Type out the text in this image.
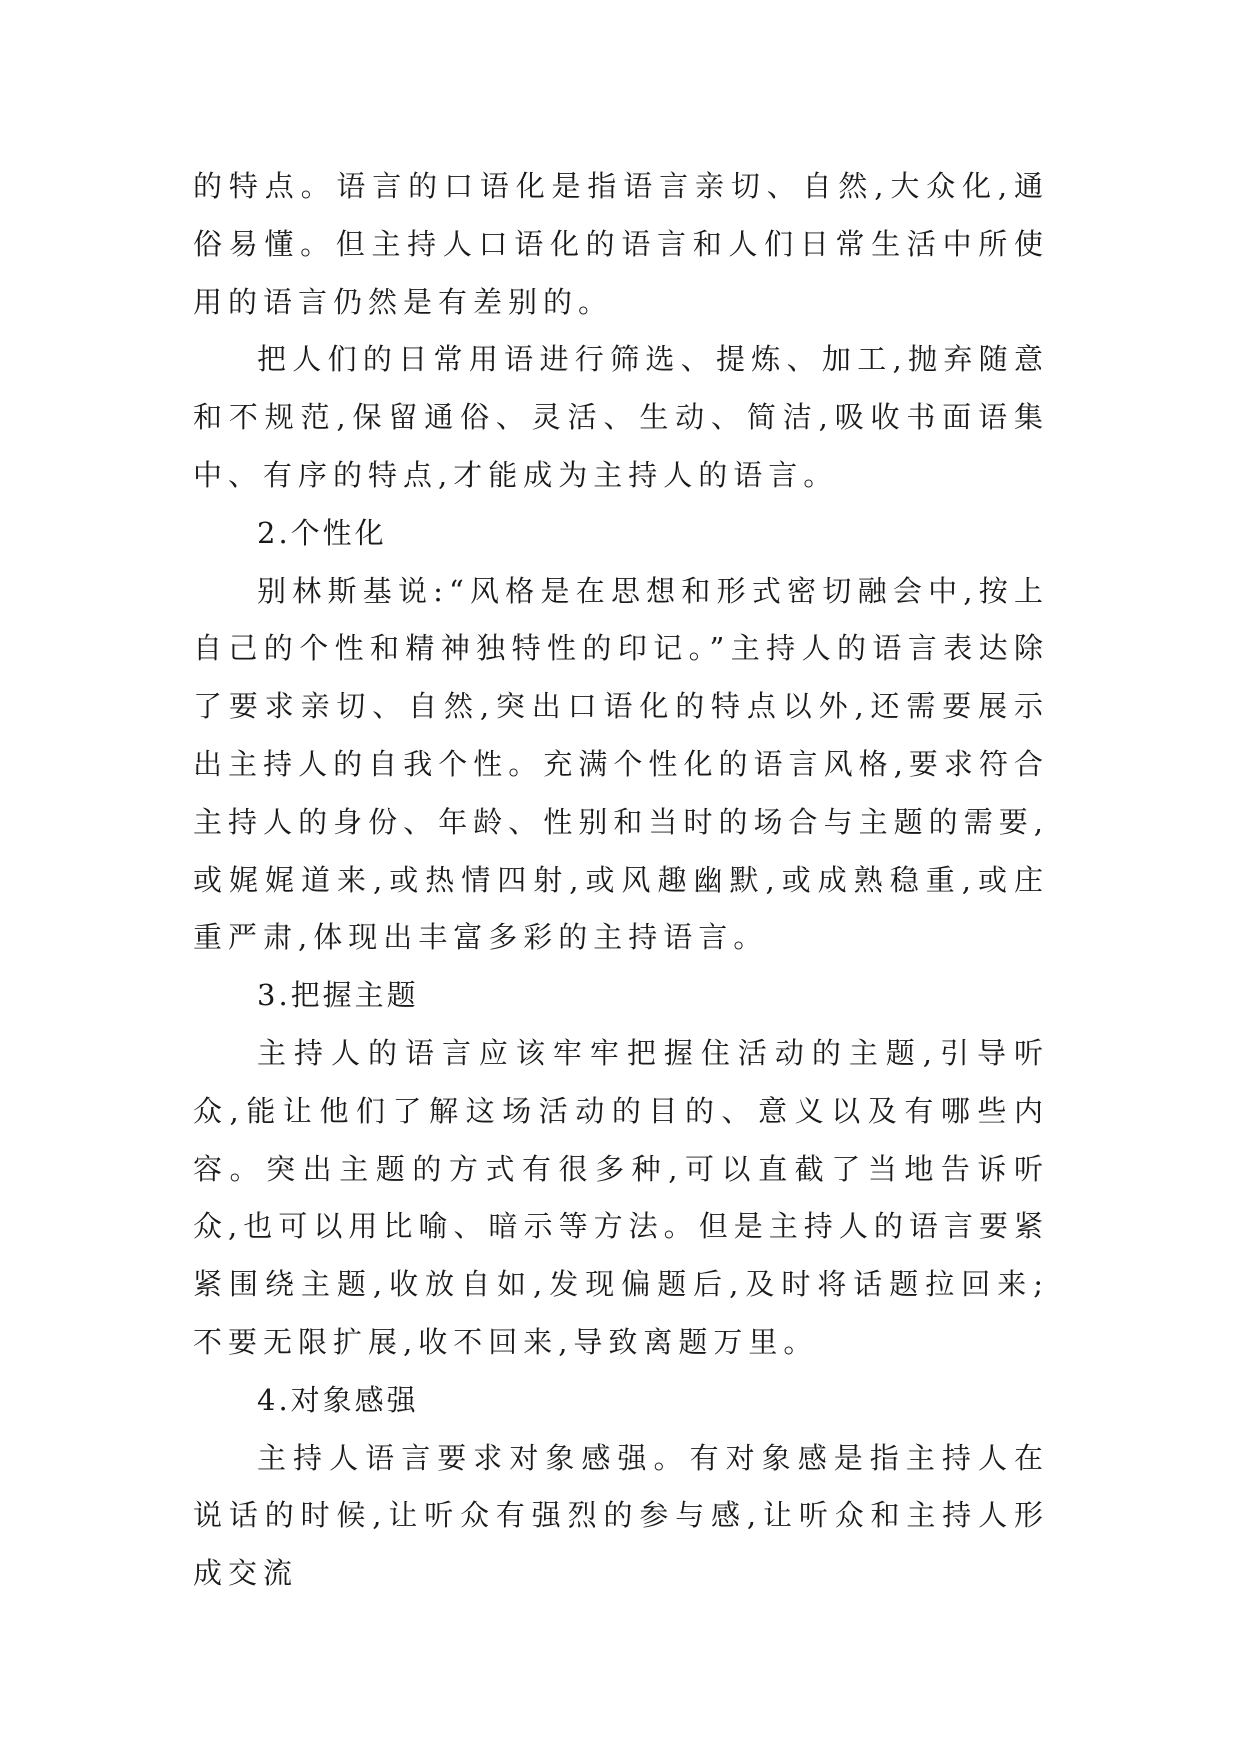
的特点。语言的口语化是指语言亲切、自然,大众化,通俗易懂。但主持人口语化的语言和人们日常生活中所使用的语言仍然是有差别的。

把人们的日常用语进行筛选、提炼、加工,抛弃随意和不规范,保留通俗、灵活、生动、简洁,吸收书面语集中、有序的特点,才能成为主持人的语言。

2.个性化

别林斯基说:“风格是在思想和形式密切融会中,按上自己的个性和精神独特性的印记。”主持人的语言表达除了要求亲切、自然,突出口语化的特点以外,还需要展示出主持人的自我个性。充满个性化的语言风格,要求符合主持人的身份、年龄、性别和当时的场合与主题的需要,或娓娓道来,或热情四射,或风趣幽默,或成熟稳重,或庄重严肃,体现出丰富多彩的主持语言。

3.把握主题

主持人的语言应该牢牢把握住活动的主题,引导听众,能让他们了解这场活动的目的、意义以及有哪些内容。突出主题的方式有很多种,可以直截了当地告诉听众,也可以用比喻、暗示等方法。但是主持人的语言要紧紧围绕主题,收放自如,发现偏题后,及时将话题拉回来;不要无限扩展,收不回来,导致离题万里。

4.对象感强

主持人语言要求对象感强。有对象感是指主持人在说话的时候,让听众有强烈的参与感,让听众和主持人形成交流
